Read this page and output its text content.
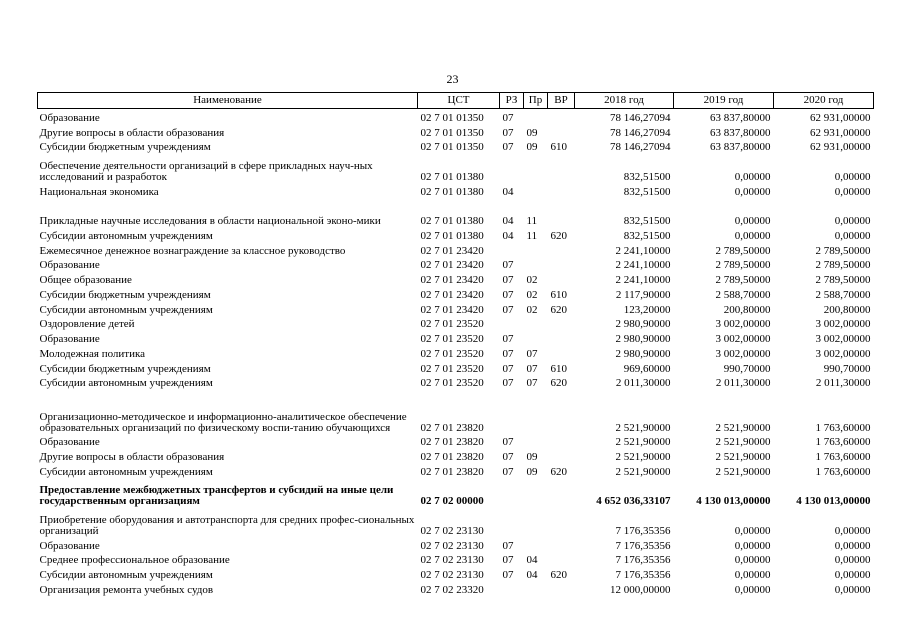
23
Наименование	ЦСТ	РЗ	Пр	ВР	2018 год	2019 год	2020 год
Образование	02 7 01 01350	07			78 146,27094	63 837,80000	62 931,00000
Другие вопросы в области образования	02 7 01 01350	07	09		78 146,27094	63 837,80000	62 931,00000
Субсидии бюджетным учреждениям	02 7 01 01350	07	09	610	78 146,27094	63 837,80000	62 931,00000
Обеспечение деятельности организаций в сфере прикладных науч-ных исследований и разработок	02 7 01 01380				832,51500	0,00000	0,00000
Национальная экономика	02 7 01 01380	04			832,51500	0,00000	0,00000
Прикладные научные исследования в области национальной эконо-мики	02 7 01 01380	04	11		832,51500	0,00000	0,00000
Субсидии автономным учреждениям	02 7 01 01380	04	11	620	832,51500	0,00000	0,00000
Ежемесячное денежное вознаграждение за классное руководство	02 7 01 23420				2 241,10000	2 789,50000	2 789,50000
Образование	02 7 01 23420	07			2 241,10000	2 789,50000	2 789,50000
Общее образование	02 7 01 23420	07	02		2 241,10000	2 789,50000	2 789,50000
Субсидии бюджетным учреждениям	02 7 01 23420	07	02	610	2 117,90000	2 588,70000	2 588,70000
Субсидии автономным учреждениям	02 7 01 23420	07	02	620	123,20000	200,80000	200,80000
Оздоровление детей	02 7 01 23520				2 980,90000	3 002,00000	3 002,00000
Образование	02 7 01 23520	07			2 980,90000	3 002,00000	3 002,00000
Молодежная политика	02 7 01 23520	07	07		2 980,90000	3 002,00000	3 002,00000
Субсидии бюджетным учреждениям	02 7 01 23520	07	07	610	969,60000	990,70000	990,70000
Субсидии автономным учреждениям	02 7 01 23520	07	07	620	2 011,30000	2 011,30000	2 011,30000
Организационно-методическое и информационно-аналитическое обеспечение образовательных организаций по физическому воспи-танию обучающихся	02 7 01 23820				2 521,90000	2 521,90000	1 763,60000
Образование	02 7 01 23820	07			2 521,90000	2 521,90000	1 763,60000
Другие вопросы в области образования	02 7 01 23820	07	09		2 521,90000	2 521,90000	1 763,60000
Субсидии автономным учреждениям	02 7 01 23820	07	09	620	2 521,90000	2 521,90000	1 763,60000
Предоставление межбюджетных трансфертов и субсидий на иные цели государственным организациям	02 7 02 00000				4 652 036,33107	4 130 013,00000	4 130 013,00000
Приобретение оборудования и автотранспорта для средних профес-сиональных организаций	02 7 02 23130				7 176,35356	0,00000	0,00000
Образование	02 7 02 23130	07			7 176,35356	0,00000	0,00000
Среднее профессиональное образование	02 7 02 23130	07	04		7 176,35356	0,00000	0,00000
Субсидии автономным учреждениям	02 7 02 23130	07	04	620	7 176,35356	0,00000	0,00000
Организация ремонта учебных судов	02 7 02 23320				12 000,00000	0,00000	0,00000
